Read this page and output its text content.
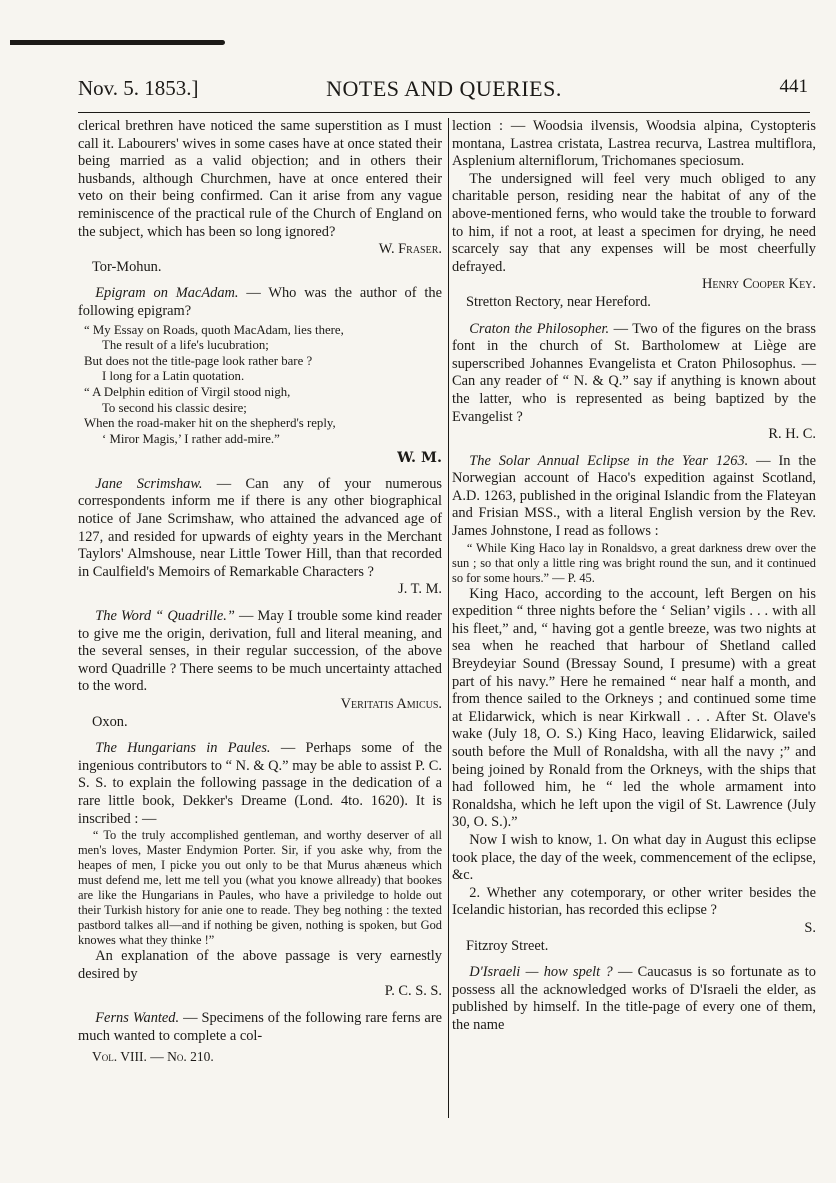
Nov. 5. 1853.]	NOTES AND QUERIES.	441

clerical brethren have noticed the same superstition as I must call it. Labourers' wives in some cases have at once stated their being married as a valid objection; and in others their husbands, although Churchmen, have at once entered their veto on their being confirmed. Can it arise from any vague reminiscence of the practical rule of the Church of England on the subject, which has been so long ignored?

W. Fraser.

Tor-Mohun.

Epigram on MacAdam. — Who was the author of the following epigram?

“ My Essay on Roads, quoth MacAdam, lies there,
The result of a life's lucubration;
But does not the title-page look rather bare ?
I long for a Latin quotation.
“ A Delphin edition of Virgil stood nigh,
To second his classic desire;
When the road-maker hit on the shepherd's reply,
‘ Miror Magis,’ I rather add-mire.”

W. M.

Jane Scrimshaw. — Can any of your numerous correspondents inform me if there is any other biographical notice of Jane Scrimshaw, who attained the advanced age of 127, and resided for upwards of eighty years in the Merchant Taylors' Almshouse, near Little Tower Hill, than that recorded in Caulfield's Memoirs of Remarkable Characters ?

J. T. M.

The Word “ Quadrille.” — May I trouble some kind reader to give me the origin, derivation, full and literal meaning, and the several senses, in their regular succession, of the above word Quadrille ? There seems to be much uncertainty attached to the word.

Veritatis Amicus.

Oxon.

The Hungarians in Paules. — Perhaps some of the ingenious contributors to “ N. & Q.” may be able to assist P. C. S. S. to explain the following passage in the dedication of a rare little book, Dekker's Dreame (Lond. 4to. 1620). It is inscribed : —

“ To the truly accomplished gentleman, and worthy deserver of all men's loves, Master Endymion Porter. Sir, if you aske why, from the heapes of men, I picke you out only to be that Murus ahæneus which must defend me, lett me tell you (what you knowe allready) that bookes are like the Hungarians in Paules, who have a priviledge to holde out their Turkish history for anie one to reade. They beg nothing : the texted pastbord talkes all—and if nothing be given, nothing is spoken, but God knowes what they thinke !”

An explanation of the above passage is very earnestly desired by

P. C. S. S.

Ferns Wanted. — Specimens of the following rare ferns are much wanted to complete a col-

Vol. VIII. — No. 210.

lection : — Woodsia ilvensis, Woodsia alpina, Cystopteris montana, Lastrea cristata, Lastrea recurva, Lastrea multiflora, Asplenium alterniflorum, Trichomanes speciosum.

The undersigned will feel very much obliged to any charitable person, residing near the habitat of any of the above-mentioned ferns, who would take the trouble to forward to him, if not a root, at least a specimen for drying, he need scarcely say that any expenses will be most cheerfully defrayed.

Henry Cooper Key.

Stretton Rectory, near Hereford.

Craton the Philosopher. — Two of the figures on the brass font in the church of St. Bartholomew at Liège are superscribed Johannes Evangelista et Craton Philosophus. — Can any reader of “ N. & Q.” say if anything is known about the latter, who is represented as being baptized by the Evangelist ?

R. H. C.

The Solar Annual Eclipse in the Year 1263. — In the Norwegian account of Haco's expedition against Scotland, A.D. 1263, published in the original Islandic from the Flateyan and Frisian MSS., with a literal English version by the Rev. James Johnstone, I read as follows :

“ While King Haco lay in Ronaldsvo, a great darkness drew over the sun ; so that only a little ring was bright round the sun, and it continued so for some hours.” — P. 45.

King Haco, according to the account, left Bergen on his expedition “ three nights before the ‘ Selian’ vigils . . . with all his fleet,” and, “ having got a gentle breeze, was two nights at sea when he reached that harbour of Shetland called Breydeyiar Sound (Bressay Sound, I presume) with a great part of his navy.” Here he remained “ near half a month, and from thence sailed to the Orkneys ; and continued some time at Elidarwick, which is near Kirkwall . . . After St. Olave's wake (July 18, O. S.) King Haco, leaving Elidarwick, sailed south before the Mull of Ronaldsha, with all the navy ;” and being joined by Ronald from the Orkneys, with the ships that had followed him, he “ led the whole armament into Ronaldsha, which he left upon the vigil of St. Lawrence (July 30, O. S.).”

Now I wish to know, 1. On what day in August this eclipse took place, the day of the week, commencement of the eclipse, &c.

2. Whether any cotemporary, or other writer besides the Icelandic historian, has recorded this eclipse ?

S.

Fitzroy Street.

D'Israeli — how spelt ? — Caucasus is so fortunate as to possess all the acknowledged works of D'Israeli the elder, as published by himself. In the title-page of every one of them, the name
